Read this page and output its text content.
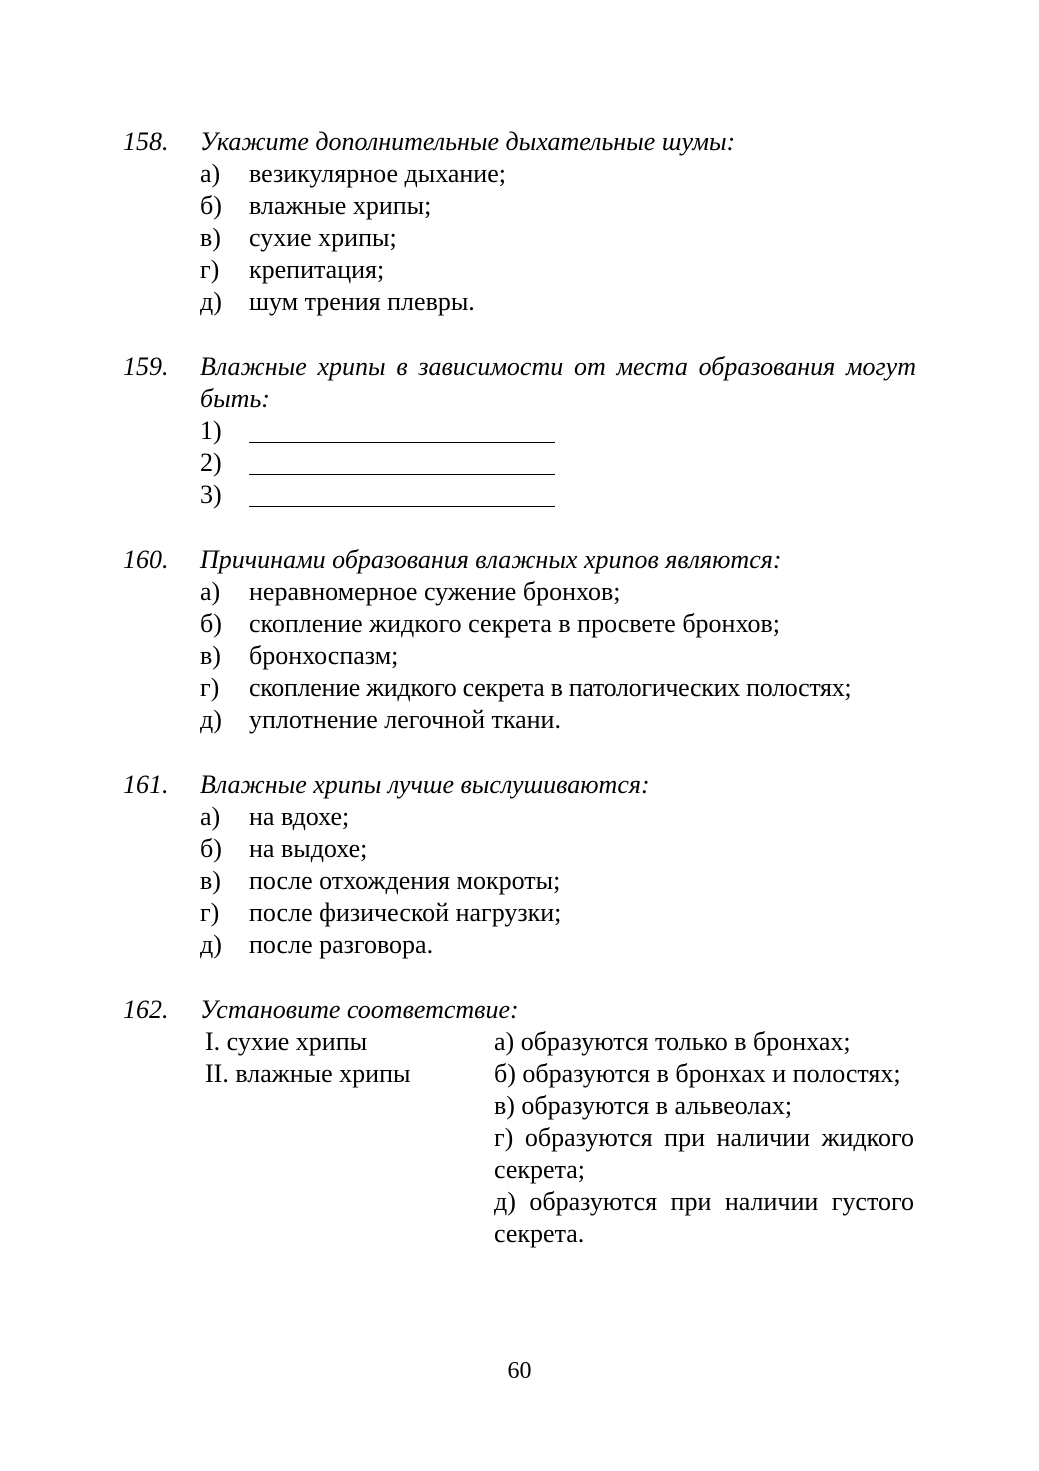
158. Укажите дополнительные дыхательные шумы:
а) везикулярное дыхание;
б) влажные хрипы;
в) сухие хрипы;
г) крепитация;
д) шум трения плевры.
159. Влажные хрипы в зависимости от места образования могут быть:
1)
2)
3)
160. Причинами образования влажных хрипов являются:
а) неравномерное сужение бронхов;
б) скопление жидкого секрета в просвете бронхов;
в) бронхоспазм;
г) скопление жидкого секрета в патологических полостях;
д) уплотнение легочной ткани.
161. Влажные хрипы лучше выслушиваются:
а) на вдохе;
б) на выдохе;
в) после отхождения мокроты;
г) после физической нагрузки;
д) после разговора.
162. Установите соответствие:
I. сухие хрипы
II. влажные хрипы
а) образуются только в бронхах;
б) образуются в бронхах и полостях;
в) образуются в альвеолах;
г) образуются при наличии жидкого секрета;
д) образуются при наличии густого секрета.
60
